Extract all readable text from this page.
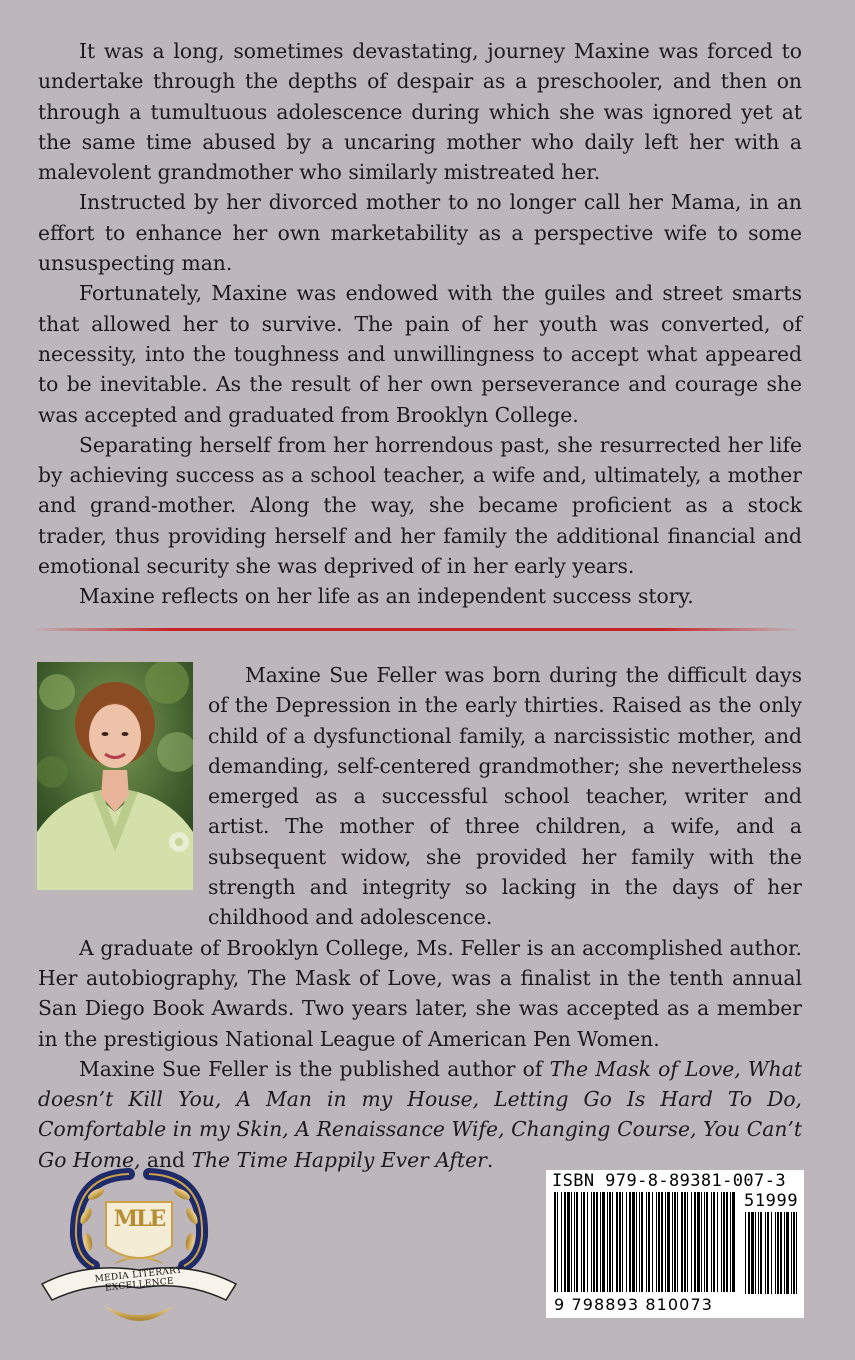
It was a long, sometimes devastating, journey Maxine was forced to undertake through the depths of despair as a preschooler, and then on through a tumultuous adolescence during which she was ignored yet at the same time abused by a uncaring mother who daily left her with a malevolent grandmother who similarly mistreated her.

Instructed by her divorced mother to no longer call her Mama, in an effort to enhance her own marketability as a perspective wife to some unsuspecting man.

Fortunately, Maxine was endowed with the guiles and street smarts that allowed her to survive. The pain of her youth was converted, of necessity, into the toughness and unwillingness to accept what appeared to be inevitable. As the result of her own perseverance and courage she was accepted and graduated from Brooklyn College.

Separating herself from her horrendous past, she resurrected her life by achieving success as a school teacher, a wife and, ultimately, a mother and grand-mother. Along the way, she became proficient as a stock trader, thus providing herself and her family the additional financial and emotional security she was deprived of in her early years.

Maxine reflects on her life as an independent success story.

Maxine Sue Feller was born during the difficult days of the Depression in the early thirties. Raised as the only child of a dysfunctional family, a narcissistic mother, and demanding, self-centered grandmother; she nevertheless emerged as a successful school teacher, writer and artist. The mother of three children, a wife, and a subsequent widow, she provided her family with the strength and integrity so lacking in the days of her childhood and adolescence.

A graduate of Brooklyn College, Ms. Feller is an accomplished author. Her autobiography, The Mask of Love, was a finalist in the tenth annual San Diego Book Awards. Two years later, she was accepted as a member in the prestigious National League of American Pen Women.

Maxine Sue Feller is the published author of The Mask of Love, What doesn’t Kill You, A Man in my House, Letting Go Is Hard To Do, Comfortable in my Skin, A Renaissance Wife, Changing Course, You Can’t Go Home, and The Time Happily Ever After.

MLE
MEDIA LITERARY EXCELLENCE
ISBN 979-8-89381-007-3
51999
9 798893 810073
